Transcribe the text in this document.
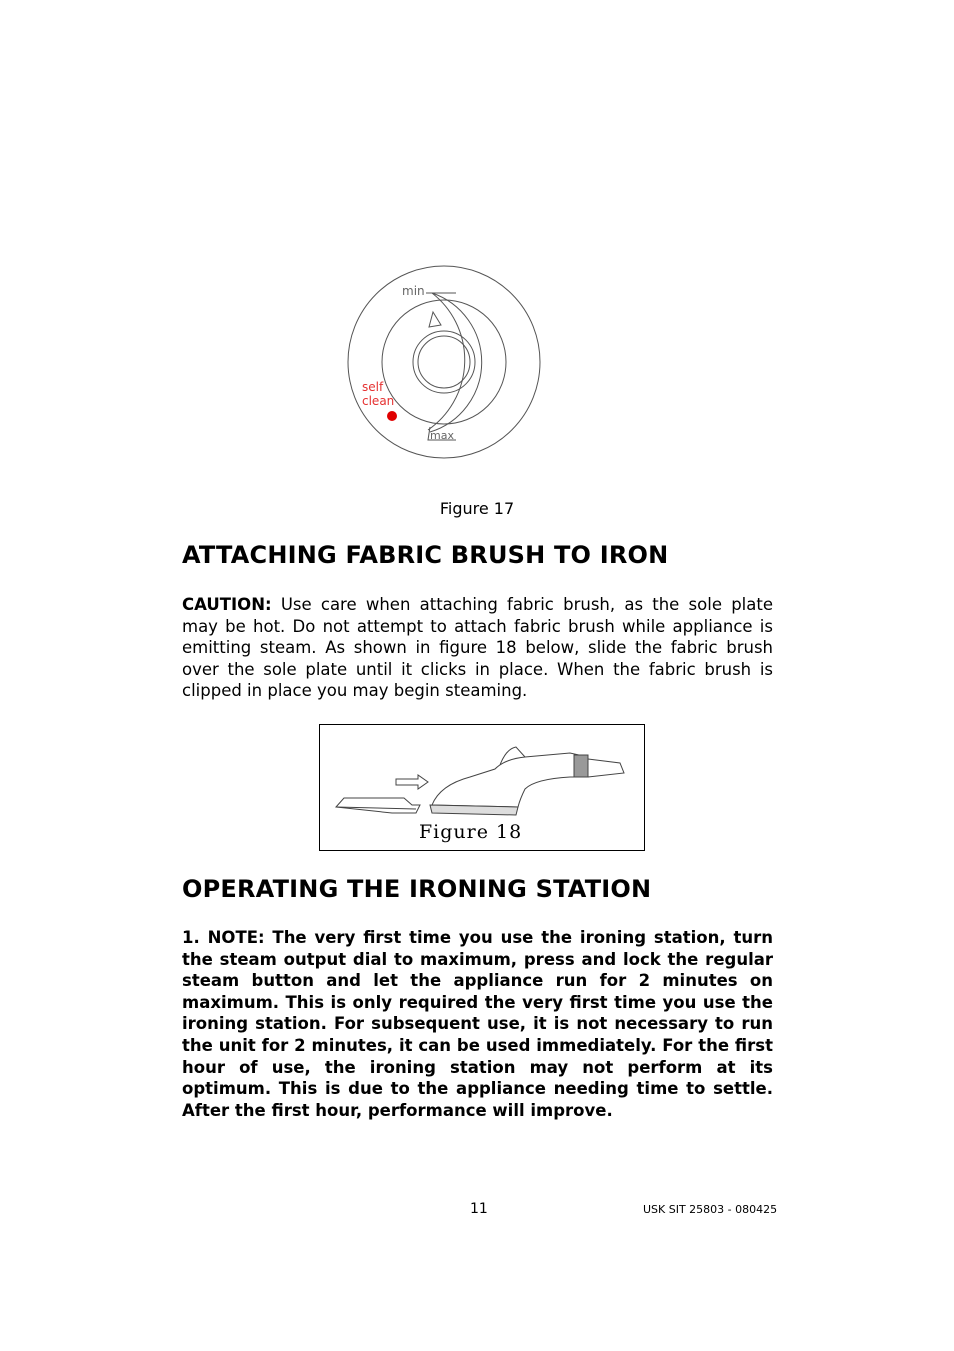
min
max
self
clean
Figure 17
ATTACHING FABRIC BRUSH TO IRON

CAUTION: Use care when attaching fabric brush, as the sole plate may be hot. Do not attempt to attach fabric brush while appliance is emitting steam. As shown in figure 18 below, slide the fabric brush over the sole plate until it clicks in place. When the fabric brush is clipped in place you may begin steaming.

Figure 18
OPERATING THE IRONING STATION

1. NOTE: The very first time you use the ironing station, turn the steam output dial to maximum, press and lock the regular steam button and let the appliance run for 2 minutes on maximum. This is only required the very first time you use the ironing station. For subsequent use, it is not necessary to run the unit for 2 minutes, it can be used immediately. For the first hour of use, the ironing station may not perform at its optimum. This is due to the appliance needing time to settle. After the first hour, performance will improve.

11	USK SIT 25803 - 080425
